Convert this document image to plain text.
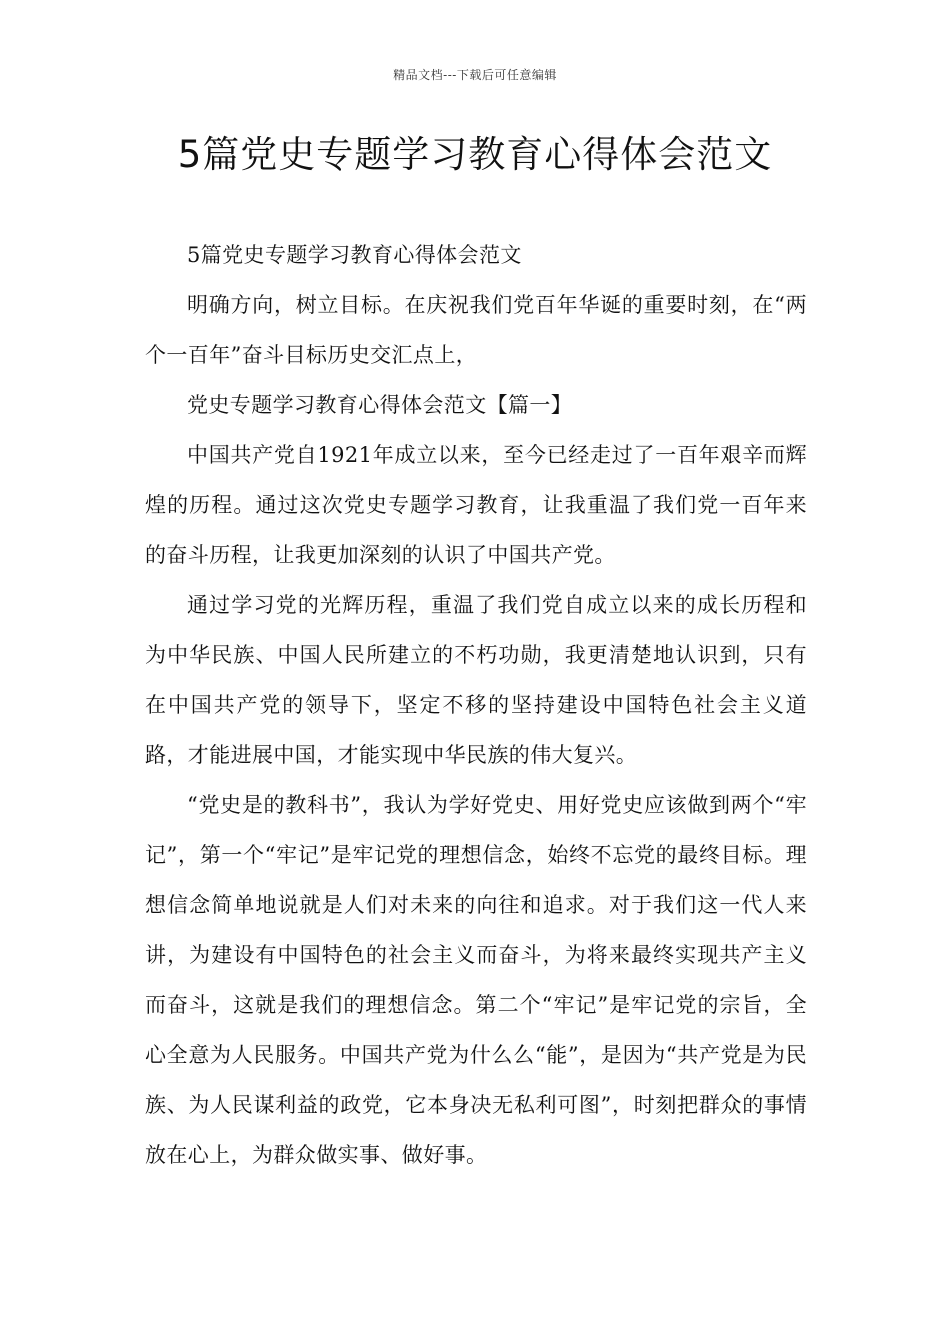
精品文档---下载后可任意编辑
5篇党史专题学习教育心得体会范文

5篇党史专题学习教育心得体会范文

明确方向，树立目标。在庆祝我们党百年华诞的重要时刻，在“两个一百年”奋斗目标历史交汇点上，

党史专题学习教育心得体会范文【篇一】

中国共产党自1921年成立以来，至今已经走过了一百年艰辛而辉煌的历程。通过这次党史专题学习教育，让我重温了我们党一百年来的奋斗历程，让我更加深刻的认识了中国共产党。

通过学习党的光辉历程，重温了我们党自成立以来的成长历程和为中华民族、中国人民所建立的不朽功勋，我更清楚地认识到，只有在中国共产党的领导下，坚定不移的坚持建设中国特色社会主义道路，才能进展中国，才能实现中华民族的伟大复兴。

“党史是的教科书”，我认为学好党史、用好党史应该做到两个“牢记”，第一个“牢记”是牢记党的理想信念，始终不忘党的最终目标。理想信念简单地说就是人们对未来的向往和追求。对于我们这一代人来讲，为建设有中国特色的社会主义而奋斗，为将来最终实现共产主义而奋斗，这就是我们的理想信念。第二个“牢记”是牢记党的宗旨，全心全意为人民服务。中国共产党为什么么“能”，是因为“共产党是为民族、为人民谋利益的政党，它本身决无私利可图”，时刻把群众的事情放在心上，为群众做实事、做好事。
